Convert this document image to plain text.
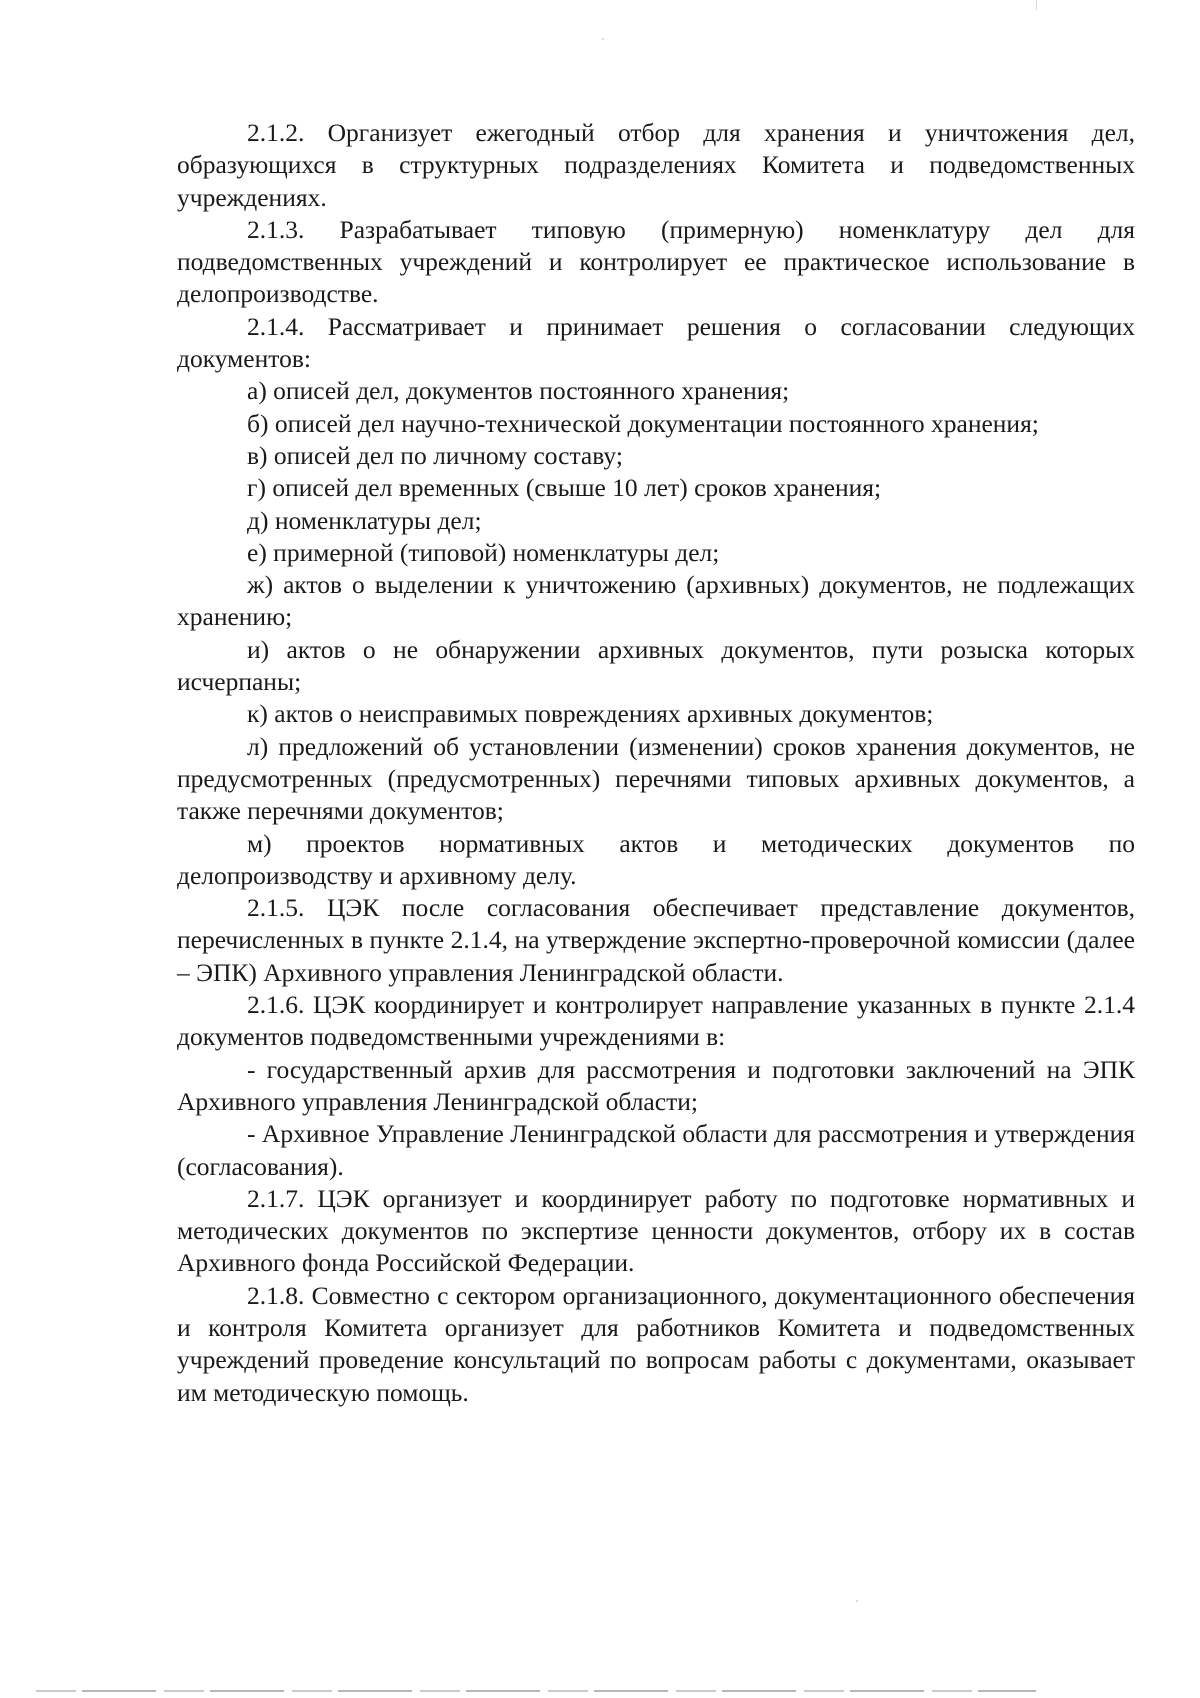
2.1.2. Организует ежегодный отбор для хранения и уничтожения дел, образующихся в структурных подразделениях Комитета и подведомственных учреждениях.

2.1.3. Разрабатывает типовую (примерную) номенклатуру дел для подведомственных учреждений и контролирует ее практическое использование в делопроизводстве.

2.1.4. Рассматривает и принимает решения о согласовании следующих документов:

а) описей дел, документов постоянного хранения;

б) описей дел научно-технической документации постоянного хранения;

в) описей дел по личному составу;

г) описей дел временных (свыше 10 лет) сроков хранения;

д) номенклатуры дел;

е) примерной (типовой) номенклатуры дел;

ж) актов о выделении к уничтожению (архивных) документов, не подлежащих хранению;

и) актов о не обнаружении архивных документов, пути розыска которых исчерпаны;

к) актов о неисправимых повреждениях архивных документов;

л) предложений об установлении (изменении) сроков хранения документов, не предусмотренных (предусмотренных) перечнями типовых архивных документов, а также перечнями документов;

м) проектов нормативных актов и методических документов по делопроизводству и архивному делу.

2.1.5. ЦЭК после согласования обеспечивает представление документов, перечисленных в пункте 2.1.4, на утверждение экспертно-проверочной комиссии (далее – ЭПК) Архивного управления Ленинградской области.

2.1.6. ЦЭК координирует и контролирует направление указанных в пункте 2.1.4 документов подведомственными учреждениями в:

- государственный архив для рассмотрения и подготовки заключений на ЭПК Архивного управления Ленинградской области;

- Архивное Управление Ленинградской области для рассмотрения и утверждения (согласования).

2.1.7. ЦЭК организует и координирует работу по подготовке нормативных и методических документов по экспертизе ценности документов, отбору их в состав Архивного фонда Российской Федерации.

2.1.8. Совместно с сектором организационного, документационного обеспечения и контроля Комитета организует для работников Комитета и подведомственных учреждений проведение консультаций по вопросам работы с документами, оказывает им методическую помощь.
